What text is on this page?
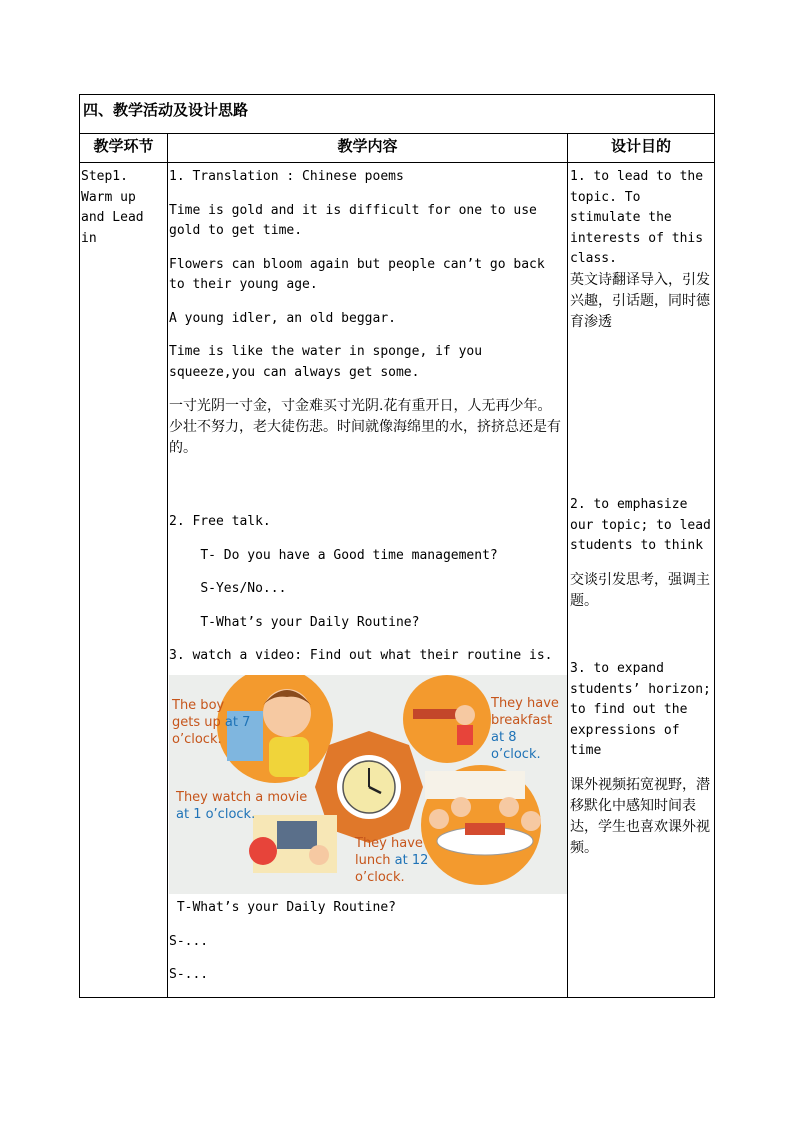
四、教学活动及设计思路
教学环节	教学内容	设计目的
Step1. Warm up and Lead in

1. Translation : Chinese poems

Time is gold and it is difficult for one to use gold to get time.

Flowers can bloom again but people can’t go back to their young age.

A young idler, an old beggar.

Time is like the water in sponge, if you squeeze,you can always get some.

一寸光阴一寸金，寸金难买寸光阴.花有重开日，人无再少年。少壮不努力，老大徒伤悲。时间就像海绵里的水，挤挤总还是有的。

2. Free talk.

T- Do you have a Good time management?

S-Yes/No...

T-What’s your Daily Routine?

3. watch a video: Find out what their routine is.

The boy
gets up at 7
o’clock.
They have
breakfast
at 8 o’clock.
They watch a movie
at 1 o’clock.
They have
lunch at 12
o’clock.

T-What’s your Daily Routine?

S-...

S-...

1. to lead to the topic. To stimulate the interests of this class.

英文诗翻译导入，引发兴趣，引话题，同时德育渗透

2. to emphasize our topic; to lead students to think

交谈引发思考，强调主题。

3. to expand students’ horizon; to find out the expressions of time

课外视频拓宽视野，潜移默化中感知时间表达，学生也喜欢课外视频。
